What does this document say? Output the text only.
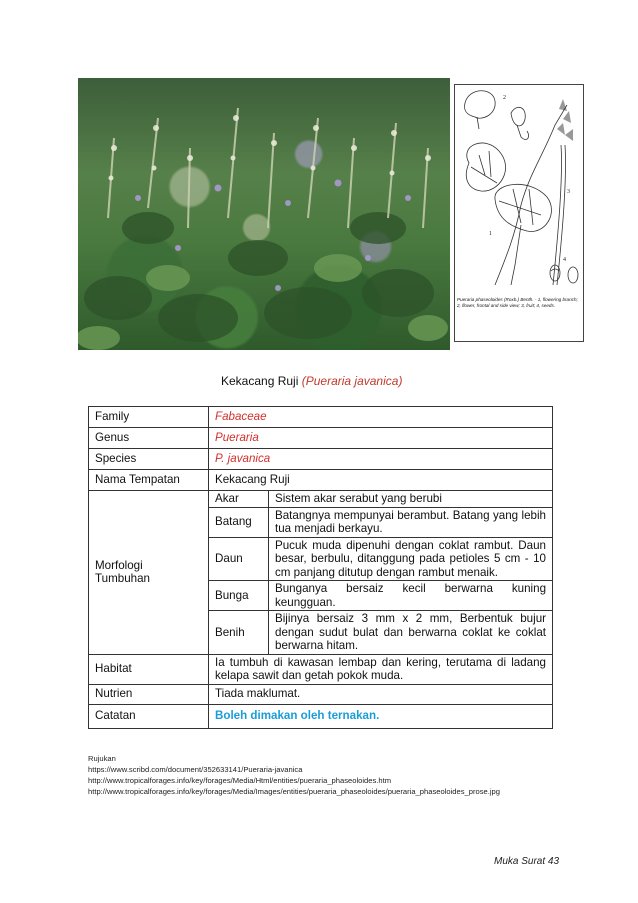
2
3
1
4
Pueraria phaseoloides (Roxb.) Benth. - 1, flowering branch; 2, flower, frontal and side view; 3, fruit; 4, seeds.
Kekacang Ruji (Pueraria javanica)
Family	Fabaceae	
Genus	Pueraria	
Species	P. javanica	
Nama Tempatan	Kekacang Ruji	

Morfologi
Tumbuhan	Akar	Sistem akar serabut yang berubi
	Batang	Batangnya mempunyai berambut. Batang yang lebih tua menjadi berkayu.
	Daun	Pucuk muda dipenuhi dengan coklat rambut. Daun besar, berbulu, ditanggung pada petioles 5 cm - 10 cm panjang ditutup dengan rambut menaik.
	Bunga	Bunganya bersaiz kecil berwarna kuning keungguan.
	Benih	Bijinya bersaiz 3 mm x 2 mm, Berbentuk bujur dengan sudut bulat dan berwarna coklat ke coklat berwarna hitam.
Habitat	Ia tumbuh di kawasan lembap dan kering, terutama di ladang kelapa sawit dan getah pokok muda.	
Nutrien	Tiada maklumat.	
Catatan	Boleh dimakan oleh ternakan.	
Rujukan
https://www.scribd.com/document/352633141/Pueraria-javanica
http://www.tropicalforages.info/key/forages/Media/Html/entities/pueraria_phaseoloides.htm
http://www.tropicalforages.info/key/forages/Media/Images/entities/pueraria_phaseoloides/pueraria_phaseoloides_prose.jpg
Muka Surat 43
